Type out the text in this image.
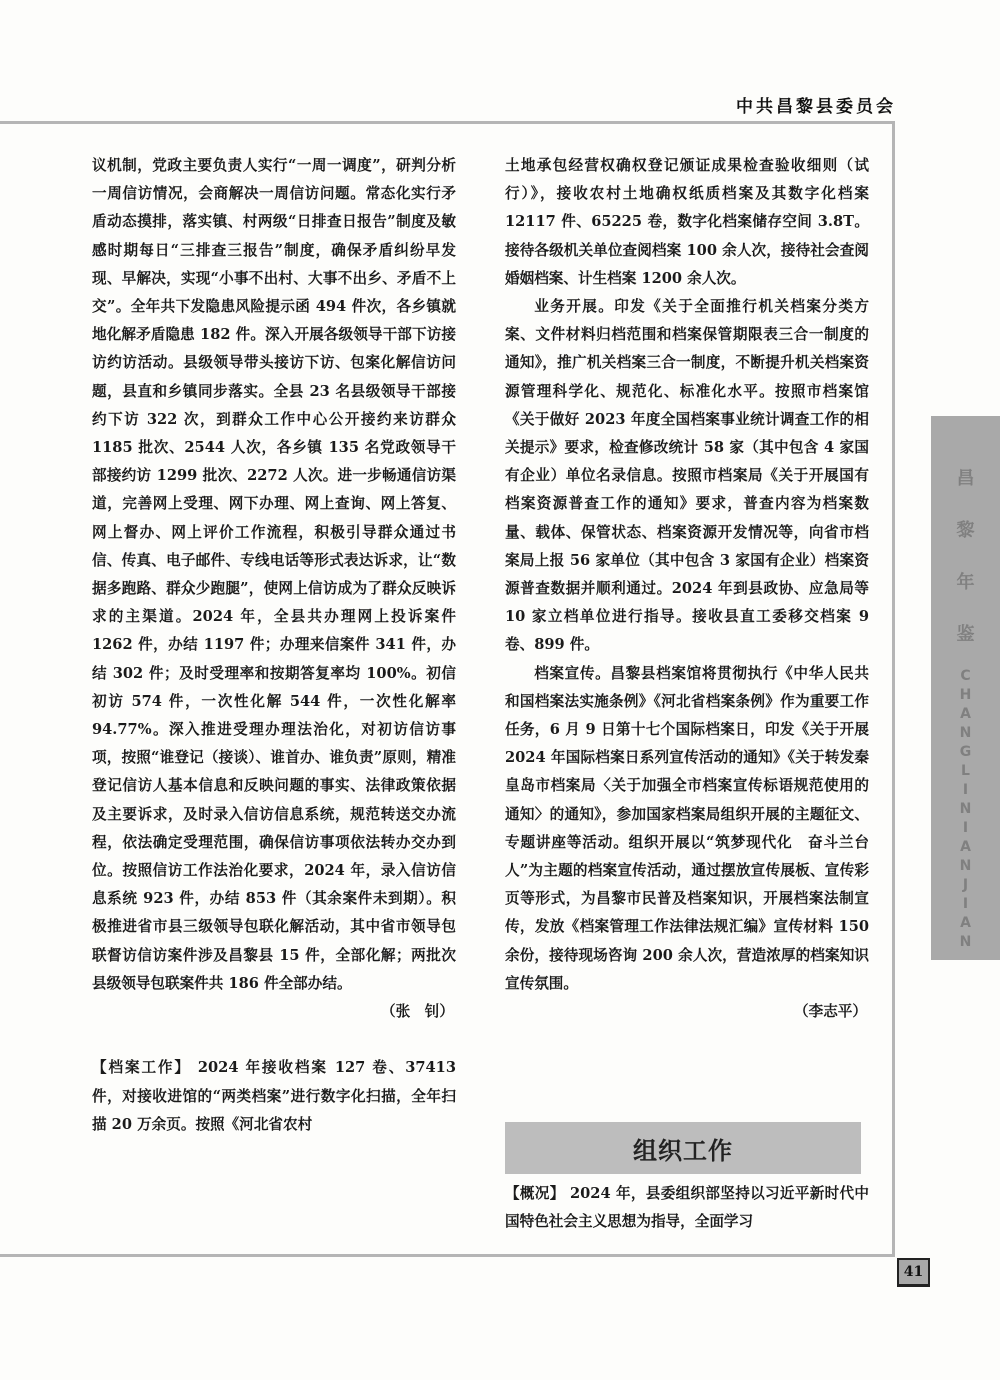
中共昌黎县委员会

议机制，党政主要负责人实行“一周一调度”，研判分析一周信访情况，会商解决一周信访问题。常态化实行矛盾动态摸排，落实镇、村两级“日排查日报告”制度及敏感时期每日“三排查三报告”制度，确保矛盾纠纷早发现、早解决，实现“小事不出村、大事不出乡、矛盾不上交”。全年共下发隐患风险提示函 494 件次，各乡镇就地化解矛盾隐患 182 件。深入开展各级领导干部下访接访约访活动。县级领导带头接访下访、包案化解信访问题，县直和乡镇同步落实。全县 23 名县级领导干部接约下访 322 次，到群众工作中心公开接约来访群众 1185 批次、2544 人次，各乡镇 135 名党政领导干部接约访 1299 批次、2272 人次。进一步畅通信访渠道，完善网上受理、网下办理、网上查询、网上答复、网上督办、网上评价工作流程，积极引导群众通过书信、传真、电子邮件、专线电话等形式表达诉求，让“数据多跑路、群众少跑腿”，使网上信访成为了群众反映诉求的主渠道。2024 年，全县共办理网上投诉案件 1262 件，办结 1197 件；办理来信案件 341 件，办结 302 件；及时受理率和按期答复率均 100%。初信初访 574 件，一次性化解 544 件，一次性化解率 94.77%。深入推进受理办理法治化，对初访信访事项，按照“谁登记（接谈）、谁首办、谁负责”原则，精准登记信访人基本信息和反映问题的事实、法律政策依据及主要诉求，及时录入信访信息系统，规范转送交办流程，依法确定受理范围，确保信访事项依法转办交办到位。按照信访工作法治化要求，2024 年，录入信访信息系统 923 件，办结 853 件（其余案件未到期）。积极推进省市县三级领导包联化解活动，其中省市领导包联督访信访案件涉及昌黎县 15 件，全部化解；两批次县级领导包联案件共 186 件全部办结。

（张　钊）

【档案工作】 2024 年接收档案 127 卷、37413 件，对接收进馆的“两类档案”进行数字化扫描，全年扫描 20 万余页。按照《河北省农村

土地承包经营权确权登记颁证成果检查验收细则（试行）》，接收农村土地确权纸质档案及其数字化档案 12117 件、65225 卷，数字化档案储存空间 3.8T。接待各级机关单位查阅档案 100 余人次，接待社会查阅婚姻档案、计生档案 1200 余人次。

业务开展。印发《关于全面推行机关档案分类方案、文件材料归档范围和档案保管期限表三合一制度的通知》，推广机关档案三合一制度，不断提升机关档案资源管理科学化、规范化、标准化水平。按照市档案馆《关于做好 2023 年度全国档案事业统计调查工作的相关提示》要求，检查修改统计 58 家（其中包含 4 家国有企业）单位名录信息。按照市档案局《关于开展国有档案资源普查工作的通知》要求，普查内容为档案数量、载体、保管状态、档案资源开发情况等，向省市档案局上报 56 家单位（其中包含 3 家国有企业）档案资源普查数据并顺利通过。2024 年到县政协、应急局等 10 家立档单位进行指导。接收县直工委移交档案 9 卷、899 件。

档案宣传。昌黎县档案馆将贯彻执行《中华人民共和国档案法实施条例》《河北省档案条例》作为重要工作任务，6 月 9 日第十七个国际档案日，印发《关于开展 2024 年国际档案日系列宣传活动的通知》《关于转发秦皇岛市档案局〈关于加强全市档案宣传标语规范使用的通知〉的通知》，参加国家档案局组织开展的主题征文、专题讲座等活动。组织开展以“筑梦现代化　奋斗兰台人”为主题的档案宣传活动，通过摆放宣传展板、宣传彩页等形式，为昌黎市民普及档案知识，开展档案法制宣传，发放《档案管理工作法律法规汇编》宣传材料 150 余份，接待现场咨询 200 余人次，营造浓厚的档案知识宣传氛围。

（李志平）

组织工作

【概况】 2024 年，县委组织部坚持以习近平新时代中国特色社会主义思想为指导，全面学习

昌
黎
年
鉴
CHANGLINIANJIAN
41
